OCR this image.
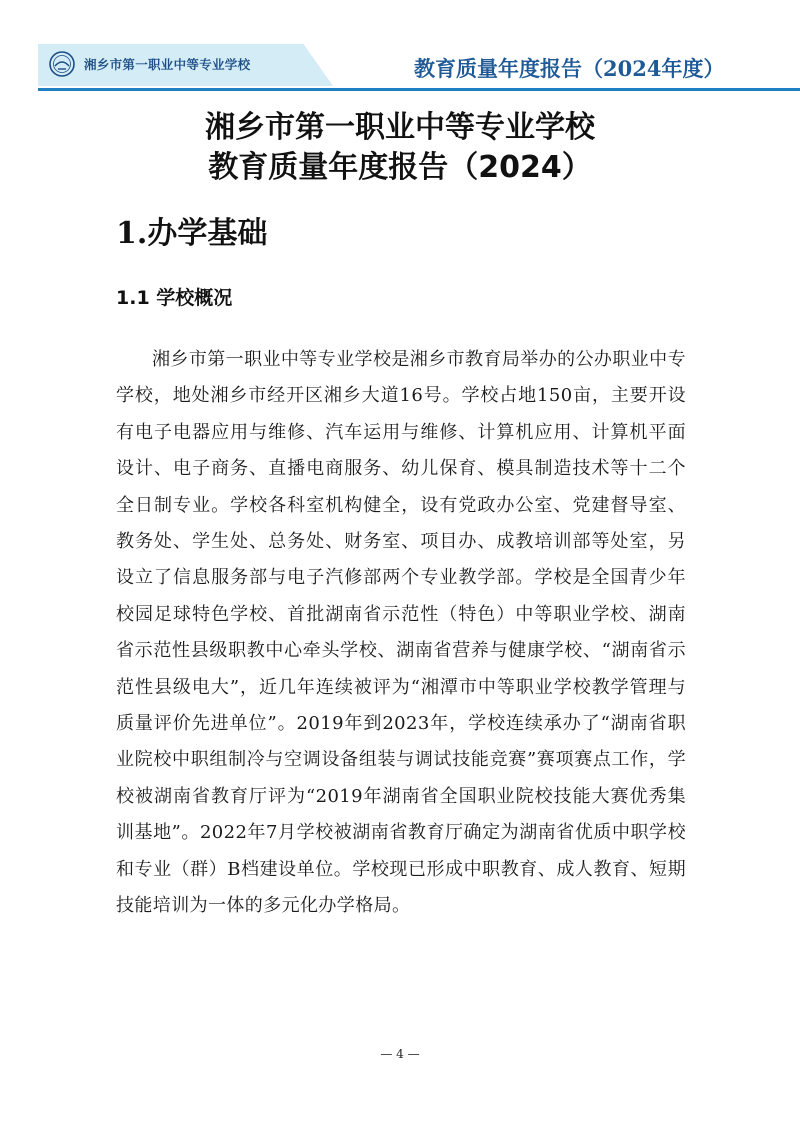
湘乡市第一职业中等专业学校	教育质量年度报告（2024年度）
湘乡市第一职业中等专业学校
教育质量年度报告（2024）
1.办学基础
1.1 学校概况

湘乡市第一职业中等专业学校是湘乡市教育局举办的公办职业中专学校，地处湘乡市经开区湘乡大道16号。学校占地150亩，主要开设有电子电器应用与维修、汽车运用与维修、计算机应用、计算机平面设计、电子商务、直播电商服务、幼儿保育、模具制造技术等十二个全日制专业。学校各科室机构健全，设有党政办公室、党建督导室、教务处、学生处、总务处、财务室、项目办、成教培训部等处室，另设立了信息服务部与电子汽修部两个专业教学部。学校是全国青少年校园足球特色学校、首批湖南省示范性（特色）中等职业学校、湖南省示范性县级职教中心牵头学校、湖南省营养与健康学校、“湖南省示范性县级电大”，近几年连续被评为“湘潭市中等职业学校教学管理与质量评价先进单位”。2019年到2023年，学校连续承办了“湖南省职业院校中职组制冷与空调设备组装与调试技能竞赛”赛项赛点工作，学校被湖南省教育厅评为“2019年湖南省全国职业院校技能大赛优秀集训基地”。2022年7月学校被湖南省教育厅确定为湖南省优质中职学校和专业（群）B档建设单位。学校现已形成中职教育、成人教育、短期技能培训为一体的多元化办学格局。

— 4 —
